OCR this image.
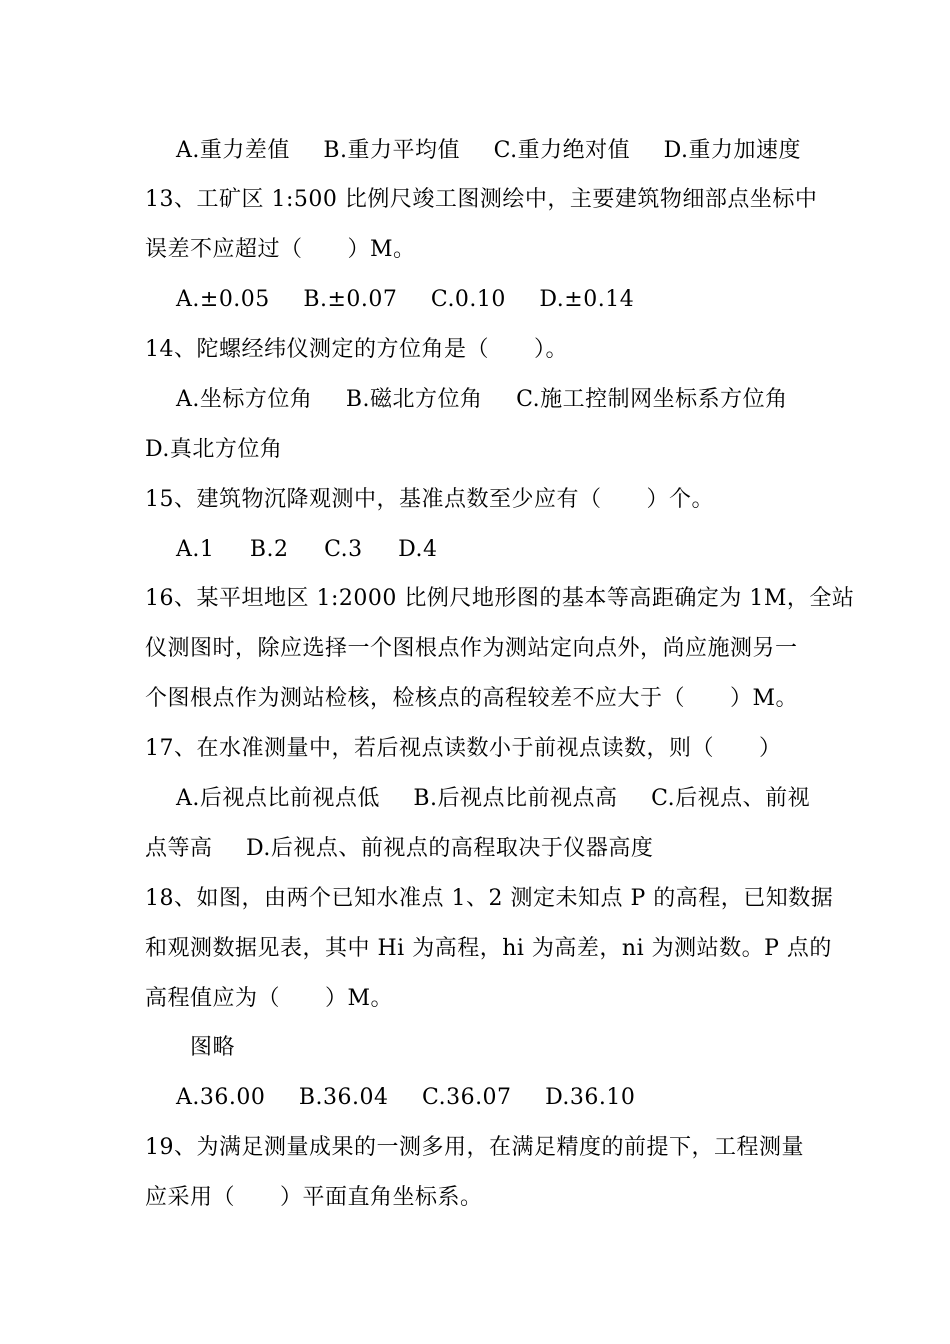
A.重力差值 B.重力平均值 C.重力绝对值 D.重力加速度
13、工矿区 1:500 比例尺竣工图测绘中，主要建筑物细部点坐标中
误差不应超过（　　）M。
A.±0.05 B.±0.07 C.0.10 D.±0.14
14、陀螺经纬仪测定的方位角是（　　）。
A.坐标方位角 B.磁北方位角 C.施工控制网坐标系方位角
D.真北方位角
15、建筑物沉降观测中，基准点数至少应有（　　）个。
A.1 B.2 C.3 D.4
16、某平坦地区 1:2000 比例尺地形图的基本等高距确定为 1M，全站
仪测图时，除应选择一个图根点作为测站定向点外，尚应施测另一
个图根点作为测站检核，检核点的高程较差不应大于（　　）M。
17、在水准测量中，若后视点读数小于前视点读数，则（　　）
A.后视点比前视点低 B.后视点比前视点高 C.后视点、前视
点等高 D.后视点、前视点的高程取决于仪器高度
18、如图，由两个已知水准点 1、2 测定未知点 P 的高程，已知数据
和观测数据见表，其中 Hi 为高程，hi 为高差，ni 为测站数。P 点的
高程值应为（　　）M。
图略
A.36.00 B.36.04 C.36.07 D.36.10
19、为满足测量成果的一测多用，在满足精度的前提下，工程测量
应采用（　　）平面直角坐标系。
